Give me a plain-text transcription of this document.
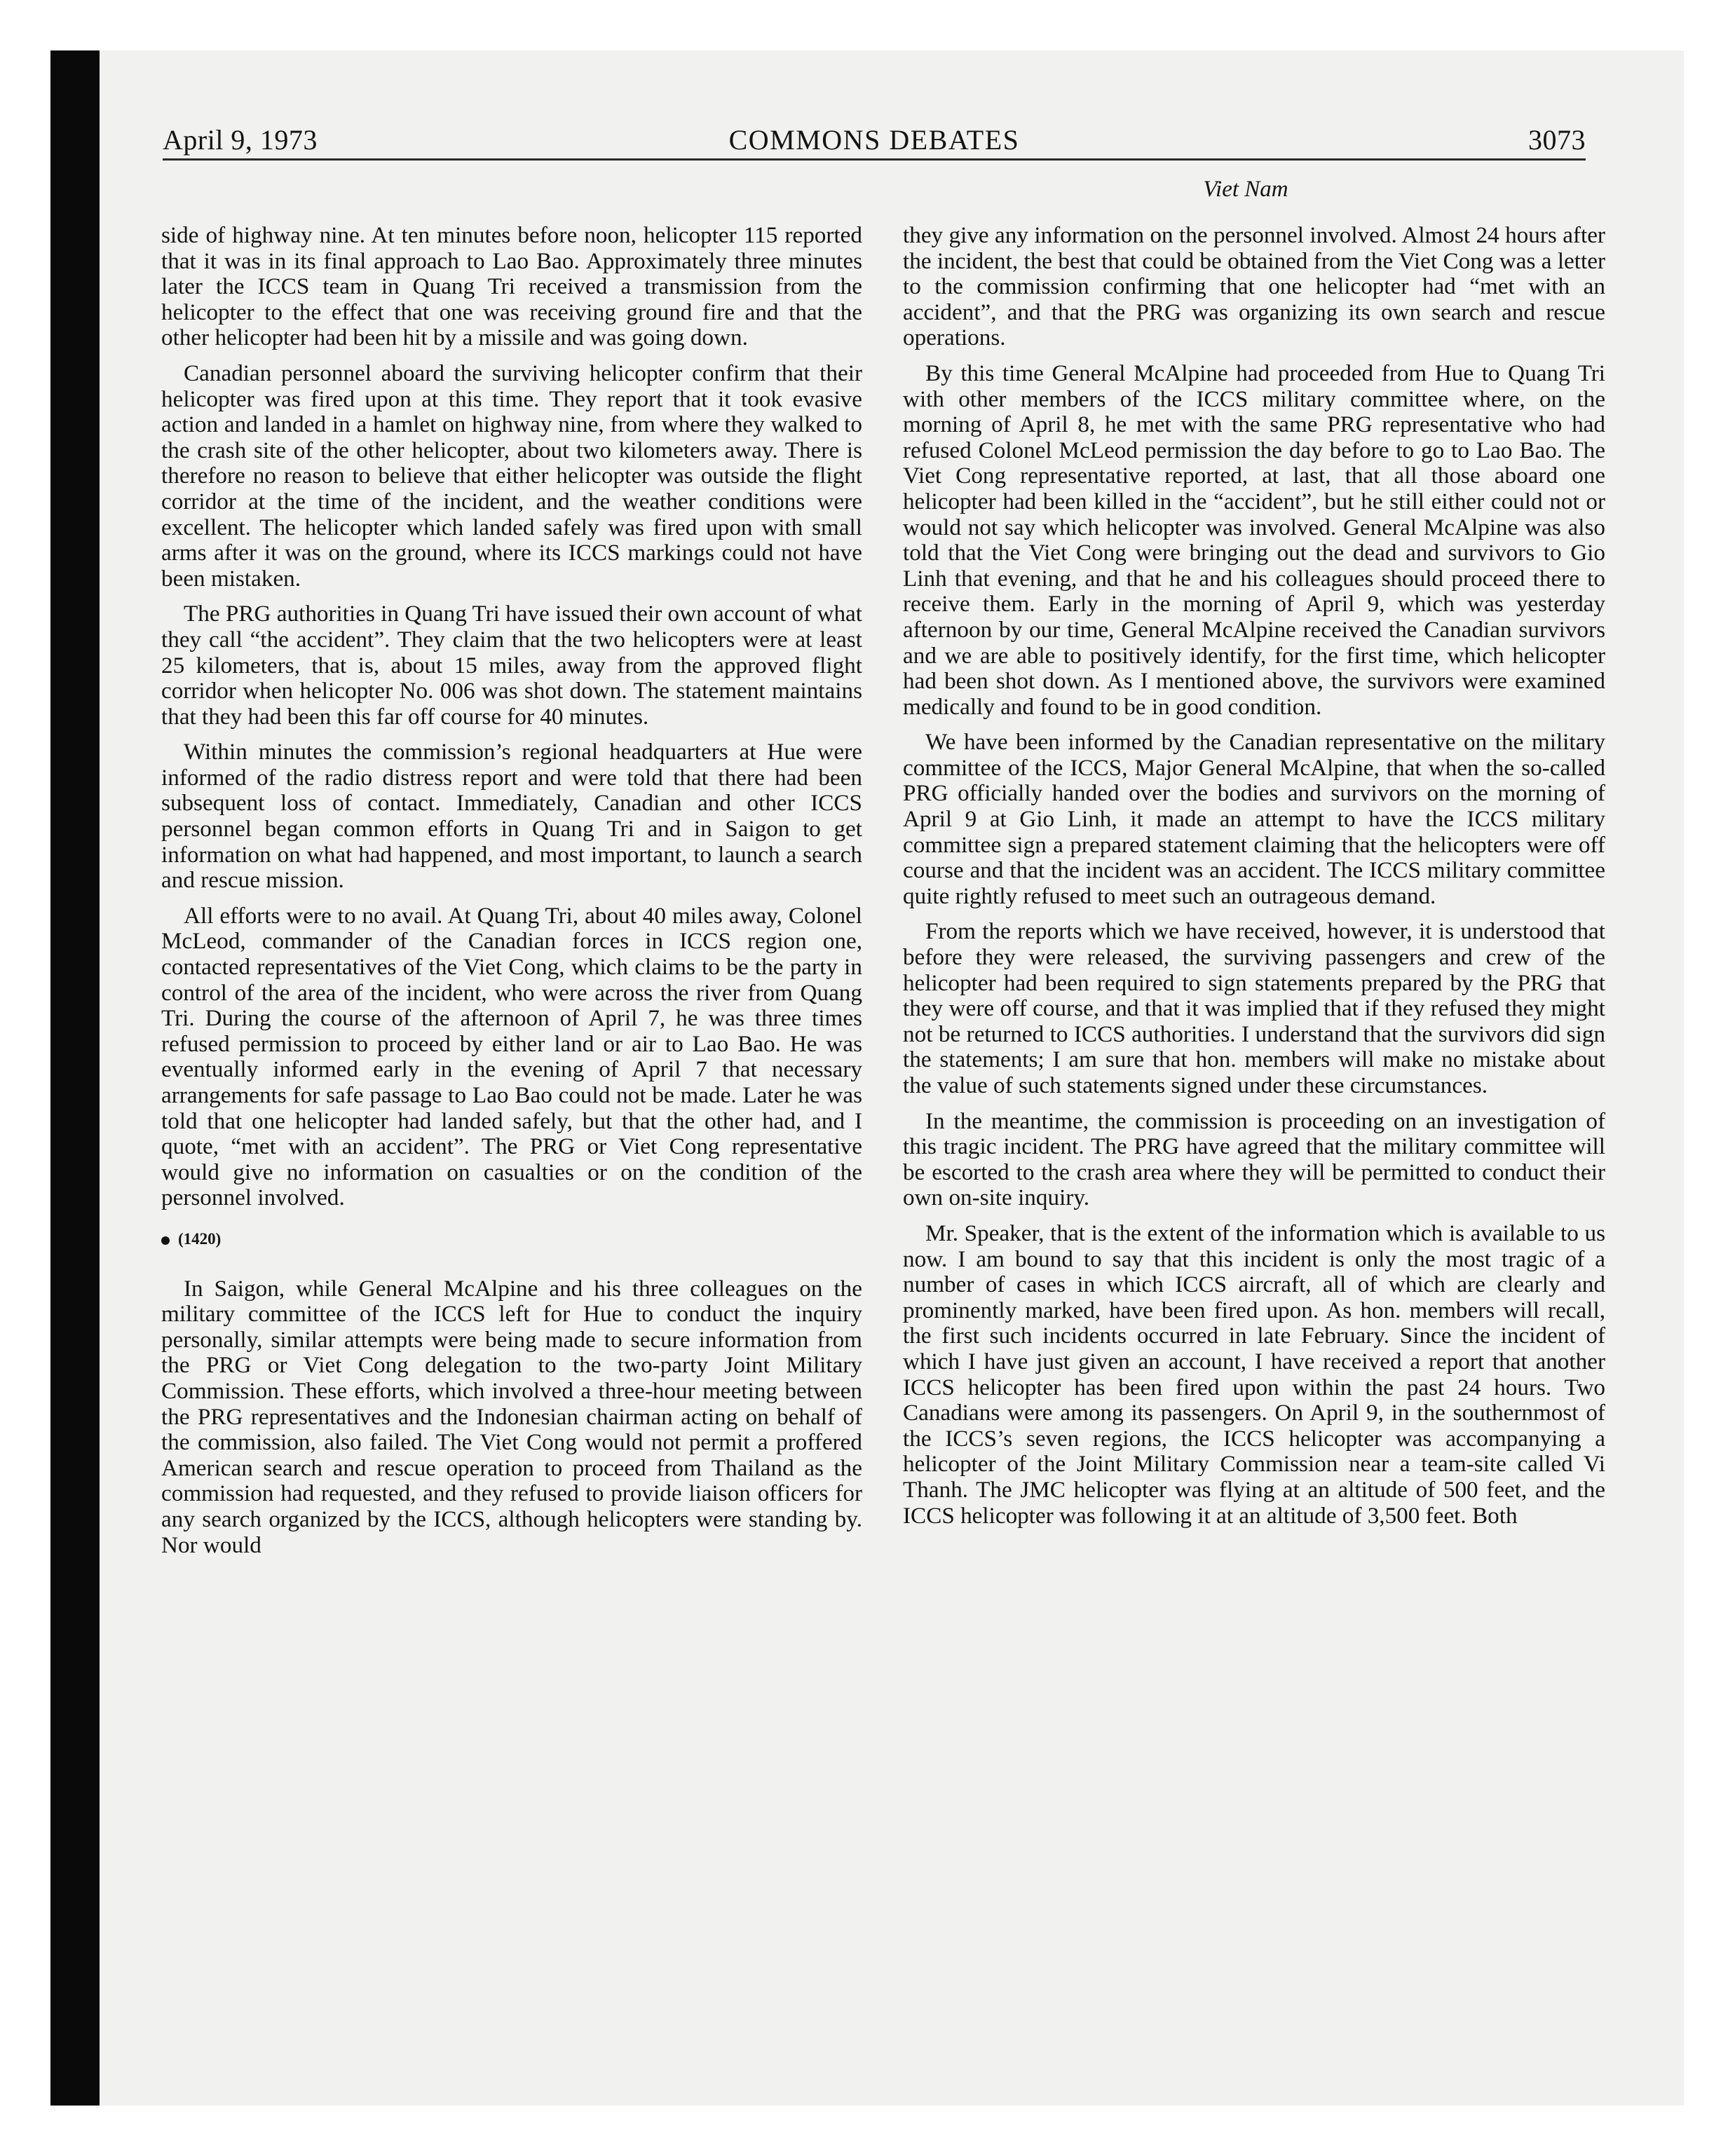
April 9, 1973	COMMONS DEBATES	3073
Viet Nam

side of highway nine. At ten minutes before noon, helicopter 115 reported that it was in its final approach to Lao Bao. Approximately three minutes later the ICCS team in Quang Tri received a transmission from the helicopter to the effect that one was receiving ground fire and that the other helicopter had been hit by a missile and was going down.

Canadian personnel aboard the surviving helicopter confirm that their helicopter was fired upon at this time. They report that it took evasive action and landed in a hamlet on highway nine, from where they walked to the crash site of the other helicopter, about two kilometers away. There is therefore no reason to believe that either helicopter was outside the flight corridor at the time of the incident, and the weather conditions were excellent. The helicopter which landed safely was fired upon with small arms after it was on the ground, where its ICCS markings could not have been mistaken.

The PRG authorities in Quang Tri have issued their own account of what they call “the accident”. They claim that the two helicopters were at least 25 kilometers, that is, about 15 miles, away from the approved flight corridor when helicopter No. 006 was shot down. The statement maintains that they had been this far off course for 40 minutes.

Within minutes the commission’s regional headquarters at Hue were informed of the radio distress report and were told that there had been subsequent loss of contact. Immediately, Canadian and other ICCS personnel began common efforts in Quang Tri and in Saigon to get information on what had happened, and most important, to launch a search and rescue mission.

All efforts were to no avail. At Quang Tri, about 40 miles away, Colonel McLeod, commander of the Canadian forces in ICCS region one, contacted representatives of the Viet Cong, which claims to be the party in control of the area of the incident, who were across the river from Quang Tri. During the course of the afternoon of April 7, he was three times refused permission to proceed by either land or air to Lao Bao. He was eventually informed early in the evening of April 7 that necessary arrangements for safe passage to Lao Bao could not be made. Later he was told that one helicopter had landed safely, but that the other had, and I quote, “met with an accident”. The PRG or Viet Cong representative would give no information on casualties or on the condition of the personnel involved.

(1420)

In Saigon, while General McAlpine and his three colleagues on the military committee of the ICCS left for Hue to conduct the inquiry personally, similar attempts were being made to secure information from the PRG or Viet Cong delegation to the two-party Joint Military Commission. These efforts, which involved a three-hour meeting between the PRG representatives and the Indonesian chairman acting on behalf of the commission, also failed. The Viet Cong would not permit a proffered American search and rescue operation to proceed from Thailand as the commission had requested, and they refused to provide liaison officers for any search organized by the ICCS, although helicopters were standing by. Nor would

they give any information on the personnel involved. Almost 24 hours after the incident, the best that could be obtained from the Viet Cong was a letter to the commission confirming that one helicopter had “met with an accident”, and that the PRG was organizing its own search and rescue operations.

By this time General McAlpine had proceeded from Hue to Quang Tri with other members of the ICCS military committee where, on the morning of April 8, he met with the same PRG representative who had refused Colonel McLeod permission the day before to go to Lao Bao. The Viet Cong representative reported, at last, that all those aboard one helicopter had been killed in the “accident”, but he still either could not or would not say which helicopter was involved. General McAlpine was also told that the Viet Cong were bringing out the dead and survivors to Gio Linh that evening, and that he and his colleagues should proceed there to receive them. Early in the morning of April 9, which was yesterday afternoon by our time, General McAlpine received the Canadian survivors and we are able to positively identify, for the first time, which helicopter had been shot down. As I mentioned above, the survivors were examined medically and found to be in good condition.

We have been informed by the Canadian representative on the military committee of the ICCS, Major General McAlpine, that when the so-called PRG officially handed over the bodies and survivors on the morning of April 9 at Gio Linh, it made an attempt to have the ICCS military committee sign a prepared statement claiming that the helicopters were off course and that the incident was an accident. The ICCS military committee quite rightly refused to meet such an outrageous demand.

From the reports which we have received, however, it is understood that before they were released, the surviving passengers and crew of the helicopter had been required to sign statements prepared by the PRG that they were off course, and that it was implied that if they refused they might not be returned to ICCS authorities. I understand that the survivors did sign the statements; I am sure that hon. members will make no mistake about the value of such statements signed under these circumstances.

In the meantime, the commission is proceeding on an investigation of this tragic incident. The PRG have agreed that the military committee will be escorted to the crash area where they will be permitted to conduct their own on-site inquiry.

Mr. Speaker, that is the extent of the information which is available to us now. I am bound to say that this incident is only the most tragic of a number of cases in which ICCS aircraft, all of which are clearly and prominently marked, have been fired upon. As hon. members will recall, the first such incidents occurred in late February. Since the incident of which I have just given an account, I have received a report that another ICCS helicopter has been fired upon within the past 24 hours. Two Canadians were among its passengers. On April 9, in the southernmost of the ICCS’s seven regions, the ICCS helicopter was accompanying a helicopter of the Joint Military Commission near a team-site called Vi Thanh. The JMC helicopter was flying at an altitude of 500 feet, and the ICCS helicopter was following it at an altitude of 3,500 feet. Both
